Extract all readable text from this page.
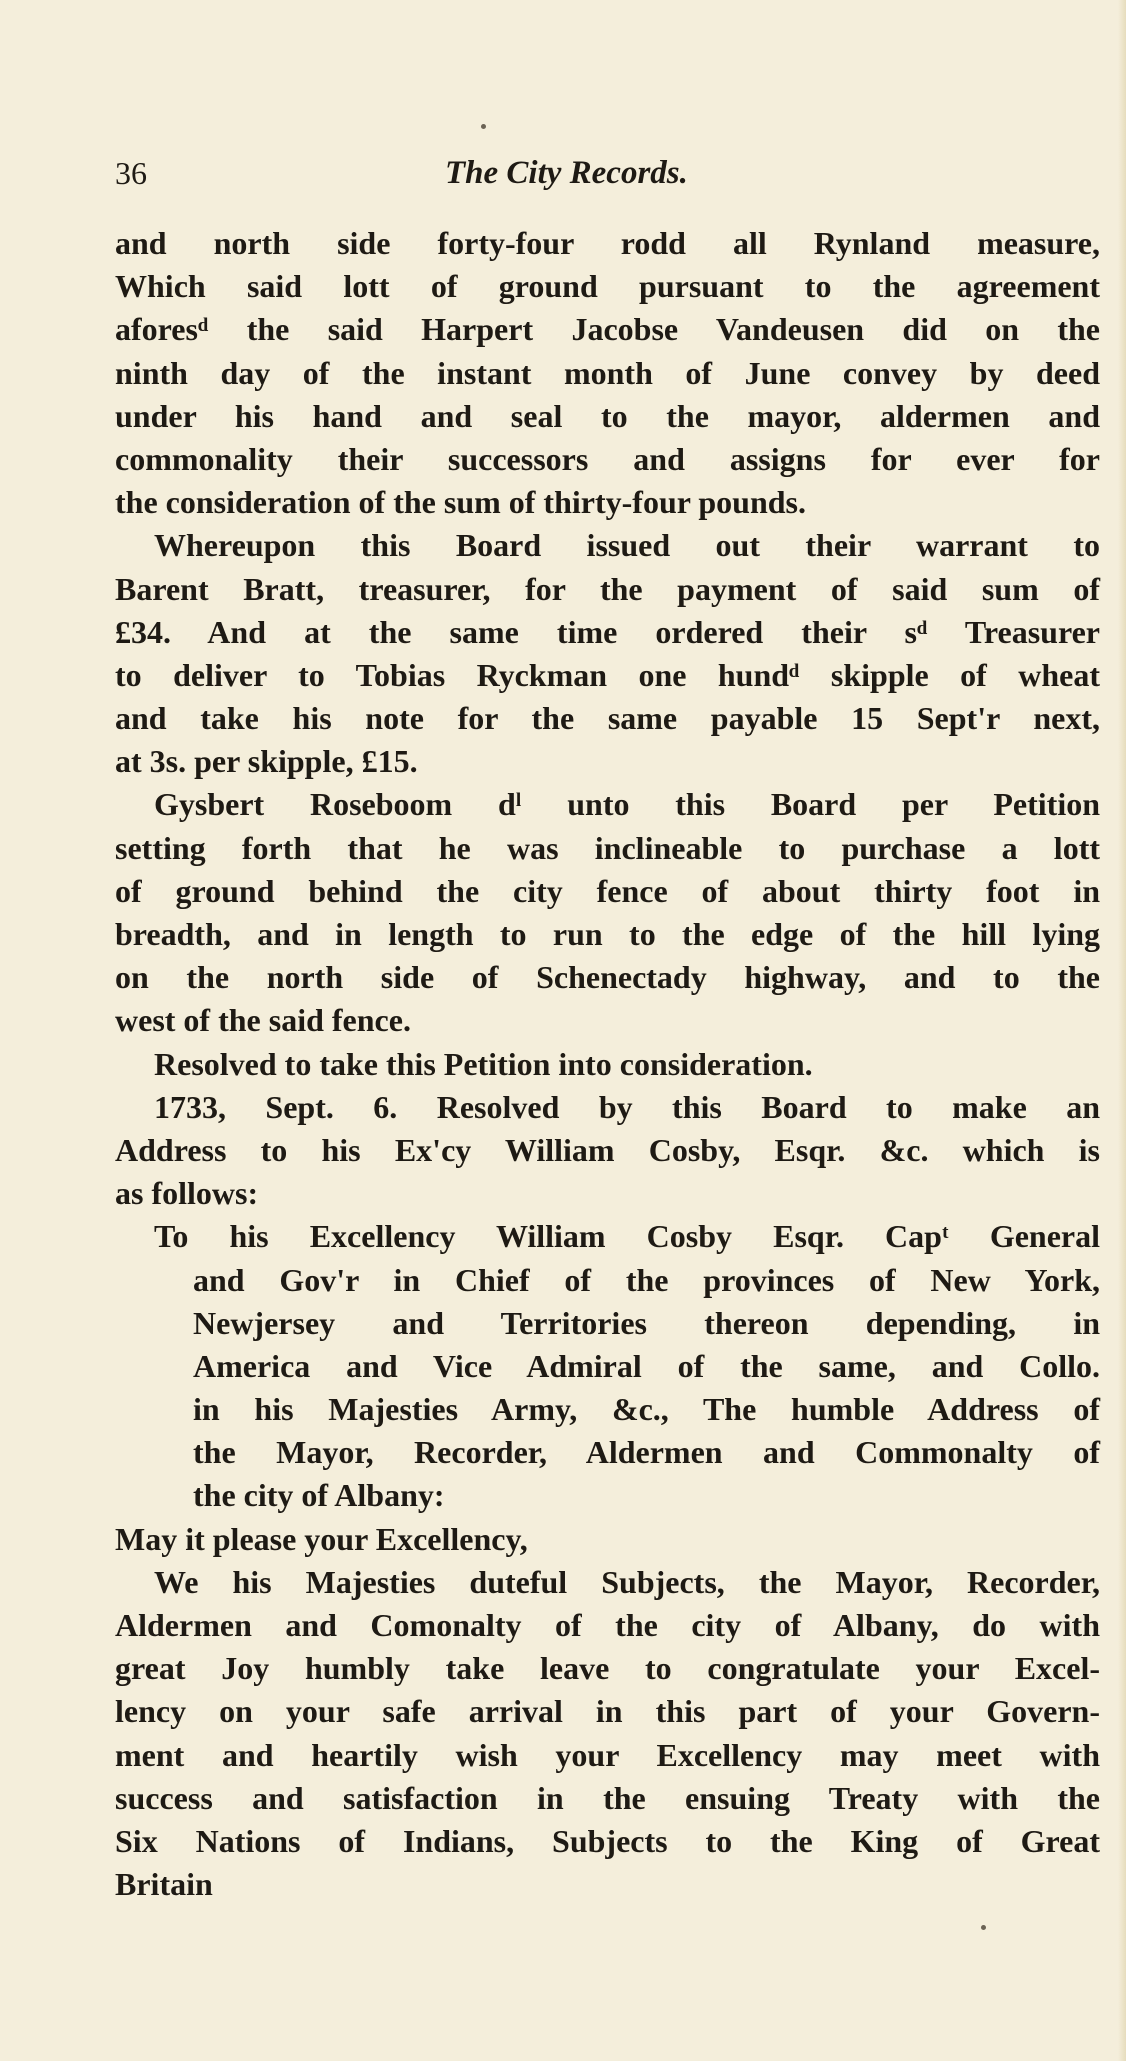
36	The City Records.
and north side forty-four rodd all Rynland measure,
Which said lott of ground pursuant to the agreement
aforesᵈ the said Harpert Jacobse Vandeusen did on the
ninth day of the instant month of June convey by deed
under his hand and seal to the mayor, aldermen and
commonality their successors and assigns for ever for
the consideration of the sum of thirty-four pounds.
Whereupon this Board issued out their warrant to
Barent Bratt, treasurer, for the payment of said sum of
£34. And at the same time ordered their sᵈ Treasurer
to deliver to Tobias Ryckman one hundᵈ skipple of wheat
and take his note for the same payable 15 Sept'r next,
at 3s. per skipple, £15.
Gysbert Roseboom dˡ unto this Board per Petition
setting forth that he was inclineable to purchase a lott
of ground behind the city fence of about thirty foot in
breadth, and in length to run to the edge of the hill lying
on the north side of Schenectady highway, and to the
west of the said fence.
Resolved to take this Petition into consideration.
1733, Sept. 6. Resolved by this Board to make an
Address to his Ex'cy William Cosby, Esqr. &c. which is
as follows:
To his Excellency William Cosby Esqr. Capᵗ General
and Gov'r in Chief of the provinces of New York,
Newjersey and Territories thereon depending, in
America and Vice Admiral of the same, and Collo.
in his Majesties Army, &c., The humble Address of
the Mayor, Recorder, Aldermen and Commonalty of
the city of Albany:
May it please your Excellency,
We his Majesties duteful Subjects, the Mayor, Recorder,
Aldermen and Comonalty of the city of Albany, do with
great Joy humbly take leave to congratulate your Excel-
lency on your safe arrival in this part of your Govern-
ment and heartily wish your Excellency may meet with
success and satisfaction in the ensuing Treaty with the
Six Nations of Indians, Subjects to the King of Great
Britain
